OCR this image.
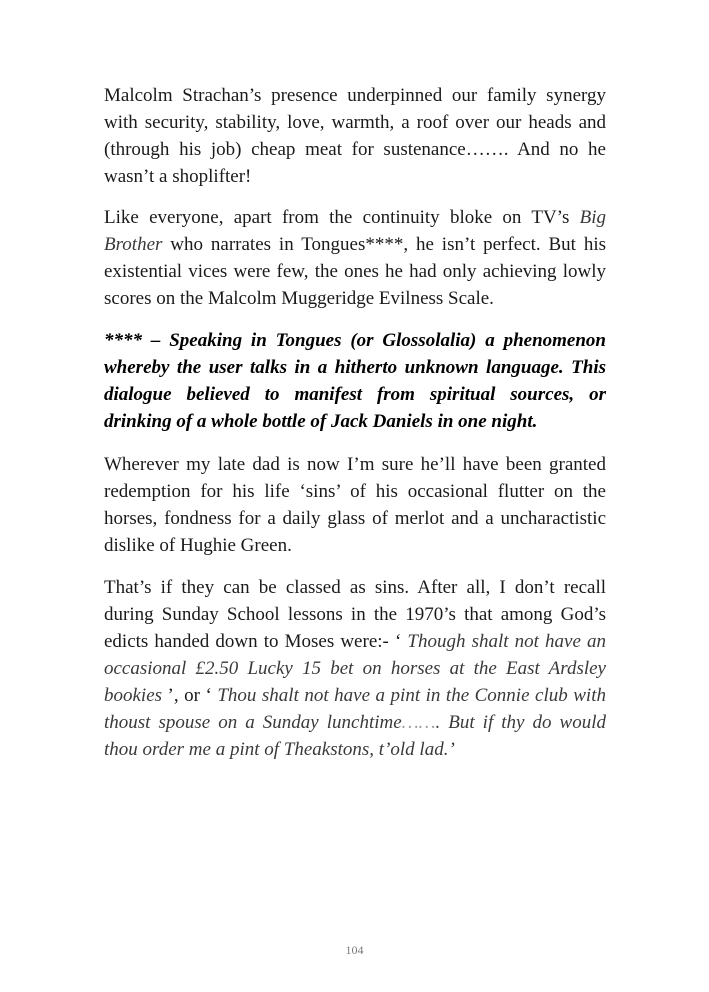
Malcolm Strachan’s presence underpinned our family synergy with security, stability, love, warmth, a roof over our heads and (through his job) cheap meat for sustenance……. And no he wasn’t a shoplifter!

Like everyone, apart from the continuity bloke on TV’s Big Brother who narrates in Tongues****, he isn’t perfect. But his existential vices were few, the ones he had only achieving lowly scores on the Malcolm Muggeridge Evilness Scale.

**** – Speaking in Tongues (or Glossolalia) a phenomenon whereby the user talks in a hitherto unknown language. This dialogue believed to manifest from spiritual sources, or drinking of a whole bottle of Jack Daniels in one night.

Wherever my late dad is now I’m sure he’ll have been granted redemption for his life ‘sins’ of his occasional flutter on the horses, fondness for a daily glass of merlot and a uncharactistic dislike of Hughie Green.

That’s if they can be classed as sins. After all, I don’t recall during Sunday School lessons in the 1970’s that among God’s edicts handed down to Moses were:- ‘ Though shalt not have an occasional £2.50 Lucky 15 bet on horses at the East Ardsley bookies ’, or ‘ Thou shalt not have a pint in the Connie club with thoust spouse on a Sunday lunchtime……. But if thy do would thou order me a pint of Theakstons, t’old lad.’

104
